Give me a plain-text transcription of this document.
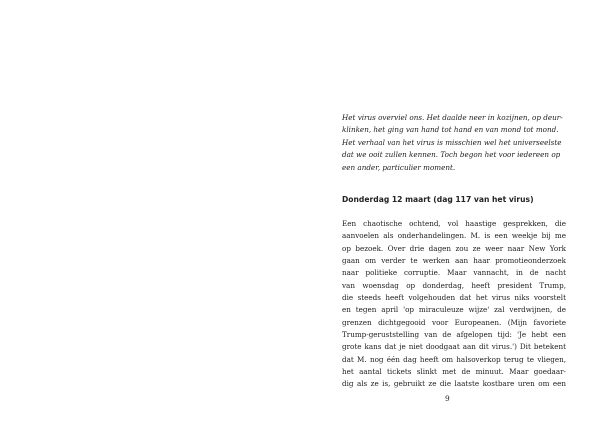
Het virus overviel ons. Het daalde neer in kozijnen, op deur-
klinken, het ging van hand tot hand en van mond tot mond.
Het verhaal van het virus is misschien wel het universeelste
dat we ooit zullen kennen. Toch begon het voor iedereen op
een ander, particulier moment.

Donderdag 12 maart (dag 117 van het virus)

Een chaotische ochtend, vol haastige gesprekken, die
aanvoelen als onderhandelingen. M. is een weekje bij me
op bezoek. Over drie dagen zou ze weer naar New York
gaan om verder te werken aan haar promotieonderzoek
naar politieke corruptie. Maar vannacht, in de nacht
van woensdag op donderdag, heeft president Trump,
die steeds heeft volgehouden dat het virus niks voorstelt
en tegen april 'op miraculeuze wijze' zal verdwijnen, de
grenzen dichtgegooid voor Europeanen. (Mijn favoriete
Trump-geruststelling van de afgelopen tijd: 'Je hebt een
grote kans dat je niet doodgaat aan dit virus.') Dit betekent
dat M. nog één dag heeft om halsoverkop terug te vliegen,
het aantal tickets slinkt met de minuut. Maar goedaar-
dig als ze is, gebruikt ze die laatste kostbare uren om een

9
